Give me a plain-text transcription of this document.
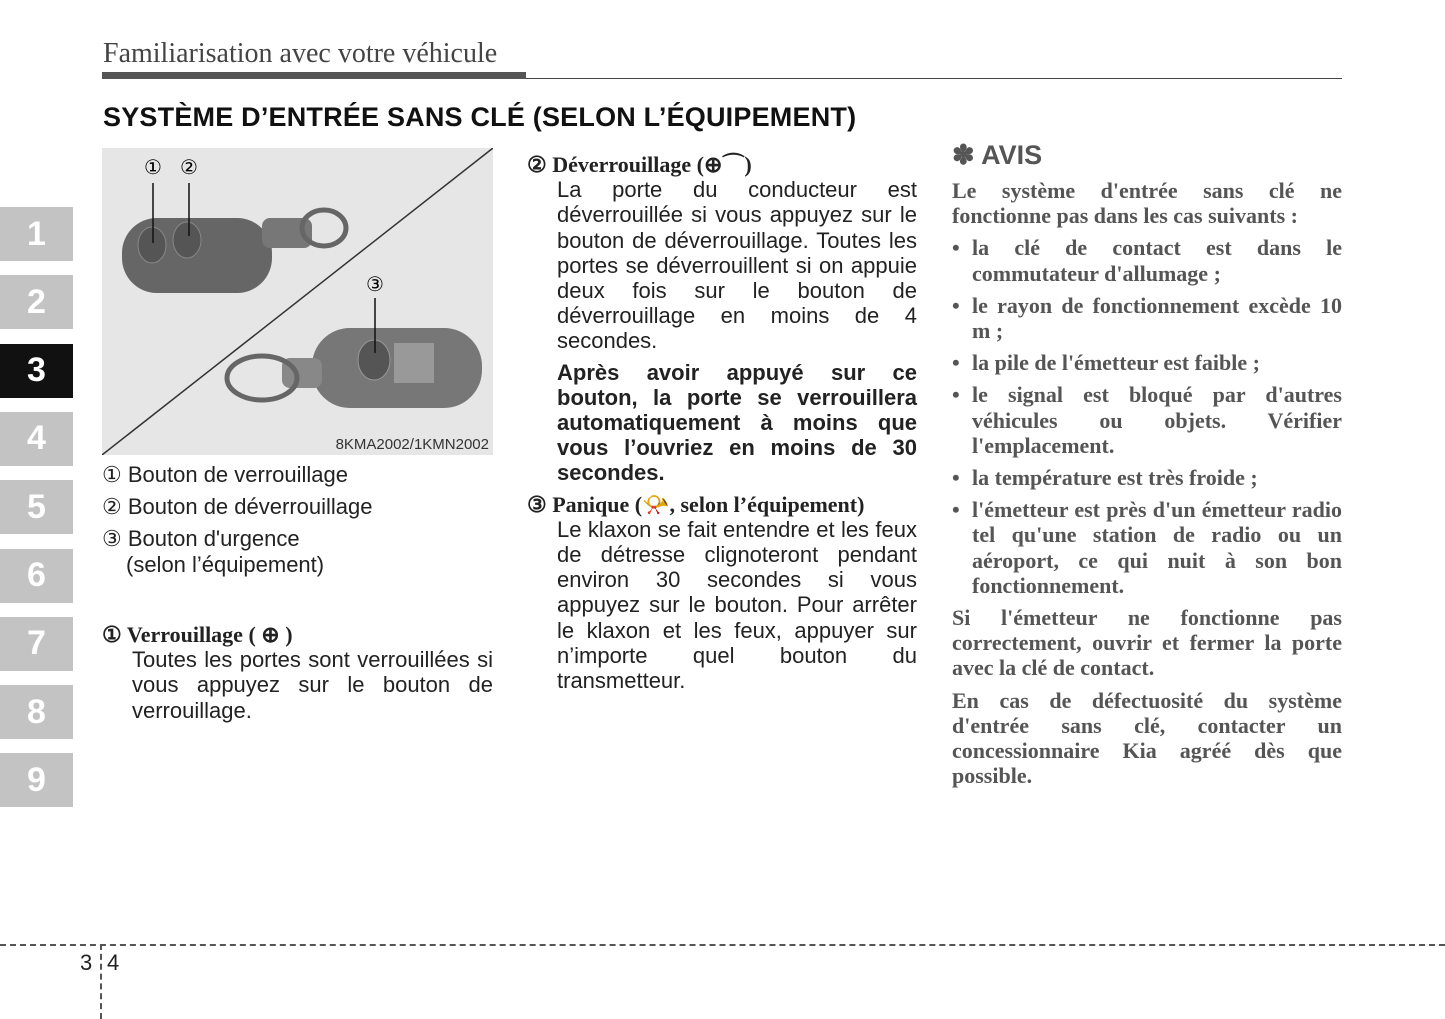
Familiarisation avec votre véhicule
SYSTÈME D’ENTRÉE SANS CLÉ (SELON L’ÉQUIPEMENT)
1
2
3
4
5
6
7
8
9
① ②
③
8KMA2002/1KMN2002

① Bouton de verrouillage

② Bouton de déverrouillage

③ Bouton d'urgence

(selon l’équipement)

① Verrouillage ( ⊕ )

Toutes les portes sont verrouillées si vous appuyez sur le bouton de verrouillage.

② Déverrouillage (⊕⌒)

La porte du conducteur est déverrouillée si vous appuyez sur le bouton de déverrouillage. Toutes les portes se déverrouillent si on appuie deux fois sur le bouton de déverrouillage en moins de 4 secondes.

Après avoir appuyé sur ce bouton, la porte se verrouillera automatiquement à moins que vous l’ouvriez en moins de 30 secondes.

③ Panique (📯, selon l’équipement)

Le klaxon se fait entendre et les feux de détresse clignoteront pendant environ 30 secondes si vous appuyez sur le bouton. Pour arrêter le klaxon et les feux, appuyer sur n’importe quel bouton du transmetteur.

✽ AVIS

Le système d'entrée sans clé ne fonctionne pas dans les cas suivants :

• la clé de contact est dans le commutateur d'allumage ;
• le rayon de fonctionnement excède 10 m ;
• la pile de l'émetteur est faible ;
• le signal est bloqué par d'autres véhicules ou objets. Vérifier l'emplacement.
• la température est très froide ;
• l'émetteur est près d'un émetteur radio tel qu'une station de radio ou un aéroport, ce qui nuit à son bon fonctionnement.

Si l'émetteur ne fonctionne pas correctement, ouvrir et fermer la porte avec la clé de contact.

En cas de défectuosité du système d'entrée sans clé, contacter un concessionnaire Kia agréé dès que possible.

3 4
